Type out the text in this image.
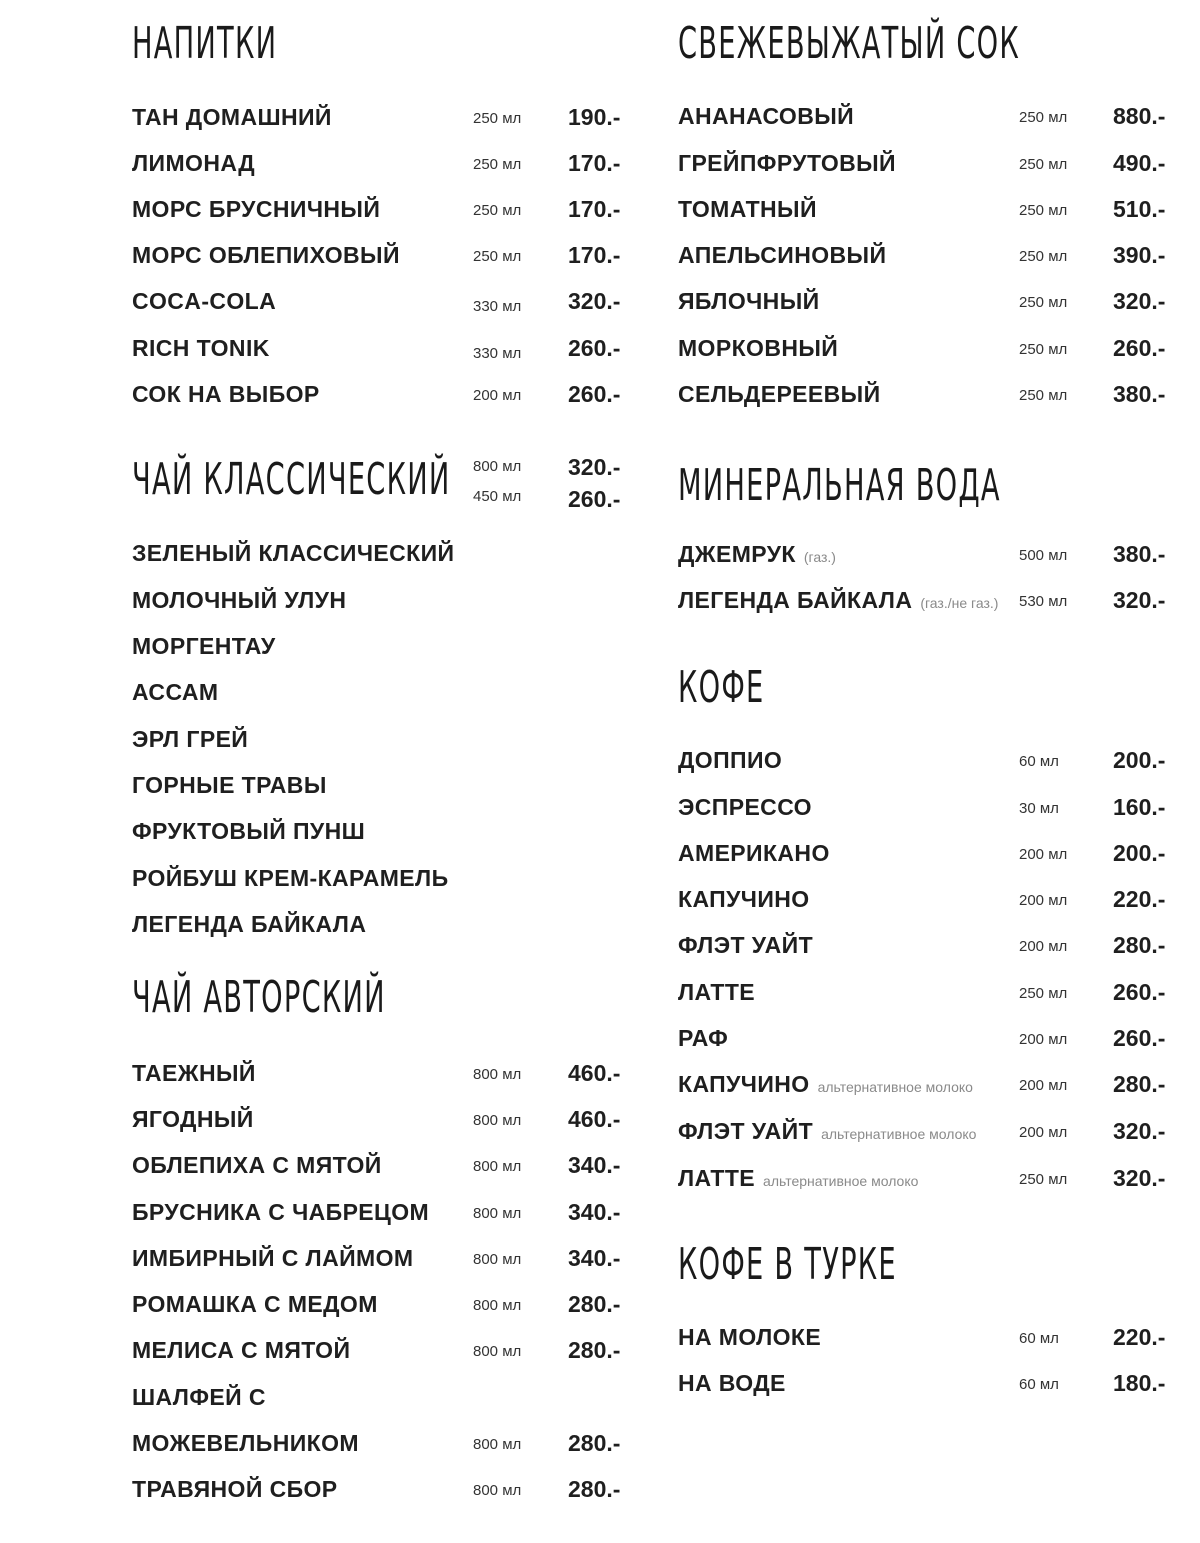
НАПИТКИ
ТАН ДОМАШНИЙ	250 мл 190.-
ЛИМОНАД	250 мл 170.-
МОРС БРУСНИЧНЫЙ	250 мл 170.-
МОРС ОБЛЕПИХОВЫЙ	250 мл 170.-
COCA-COLA	330 мл 320.-
RICH TONIK	330 мл 260.-
СОК НА ВЫБОР	200 мл 260.-
ЧАЙ КЛАССИЧЕСКИЙ 800 мл 320.-
450 мл 260.-
ЗЕЛЕНЫЙ КЛАССИЧЕСКИЙ
МОЛОЧНЫЙ УЛУН
МОРГЕНТАУ
АССАМ
ЭРЛ ГРЕЙ
ГОРНЫЕ ТРАВЫ
ФРУКТОВЫЙ ПУНШ
РОЙБУШ КРЕМ-КАРАМЕЛЬ
ЛЕГЕНДА БАЙКАЛА
ЧАЙ АВТОРСКИЙ
ТАЕЖНЫЙ	800 мл 460.-
ЯГОДНЫЙ	800 мл 460.-
ОБЛЕПИХА С МЯТОЙ	800 мл 340.-
БРУСНИКА С ЧАБРЕЦОМ	800 мл 340.-
ИМБИРНЫЙ С ЛАЙМОМ	800 мл 340.-
РОМАШКА С МЕДОМ	800 мл 280.-
МЕЛИСА С МЯТОЙ	800 мл 280.-
ШАЛФЕЙ С
МОЖЕВЕЛЬНИКОМ	800 мл 280.-
ТРАВЯНОЙ СБОР	800 мл 280.-
СВЕЖЕВЫЖАТЫЙ СОК
АНАНАСОВЫЙ	250 мл 880.-
ГРЕЙПФРУТОВЫЙ	250 мл 490.-
ТОМАТНЫЙ	250 мл 510.-
АПЕЛЬСИНОВЫЙ	250 мл 390.-
ЯБЛОЧНЫЙ	250 мл 320.-
МОРКОВНЫЙ	250 мл 260.-
СЕЛЬДЕРЕЕВЫЙ	250 мл 380.-
МИНЕРАЛЬНАЯ ВОДА
ДЖЕМРУК (газ.)	500 мл 380.-
ЛЕГЕНДА БАЙКАЛА (газ./не газ.) 530 мл 320.-
КОФЕ
ДОППИО	60 мл 200.-
ЭСПРЕССО	30 мл 160.-
АМЕРИКАНО	200 мл 200.-
КАПУЧИНО	200 мл 220.-
ФЛЭТ УАЙТ	200 мл 280.-
ЛАТТЕ	250 мл 260.-
РАФ	200 мл 260.-
КАПУЧИНО альтернативное молоко	200 мл 280.-
ФЛЭТ УАЙТ альтернативное молоко	200 мл 320.-
ЛАТТЕ альтернативное молоко	250 мл 320.-
КОФЕ В ТУРКЕ
НА МОЛОКЕ	60 мл 220.-
НА ВОДЕ	60 мл 180.-
